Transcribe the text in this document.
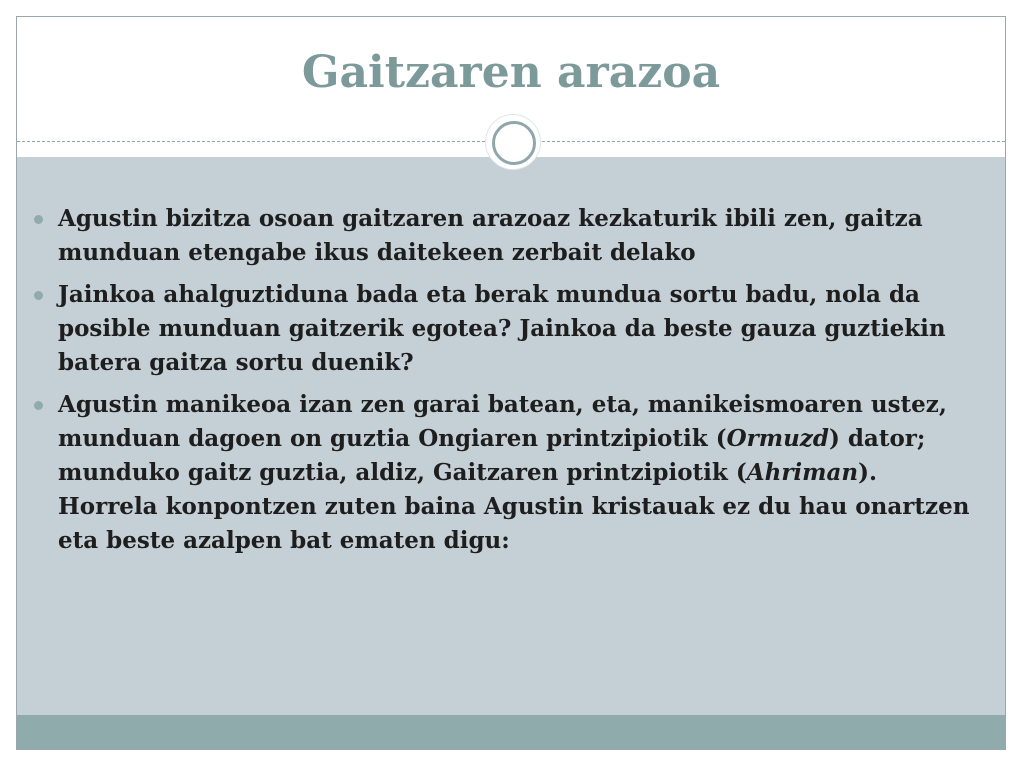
Gaitzaren arazoa
Agustin bizitza osoan gaitzaren arazoaz kezkaturik ibili zen, gaitza munduan etengabe ikus daitekeen zerbait delako
Jainkoa ahalguztiduna bada eta berak mundua sortu badu, nola da posible munduan gaitzerik egotea? Jainkoa da beste gauza guztiekin batera gaitza sortu duenik?
Agustin manikeoa izan zen garai batean, eta, manikeismoaren ustez, munduan dagoen on guztia Ongiaren printzipiotik (Ormuzd) dator; munduko gaitz guztia, aldiz, Gaitzaren printzipiotik (Ahriman). Horrela konpontzen zuten baina Agustin kristauak ez du hau onartzen eta beste azalpen bat ematen digu:
